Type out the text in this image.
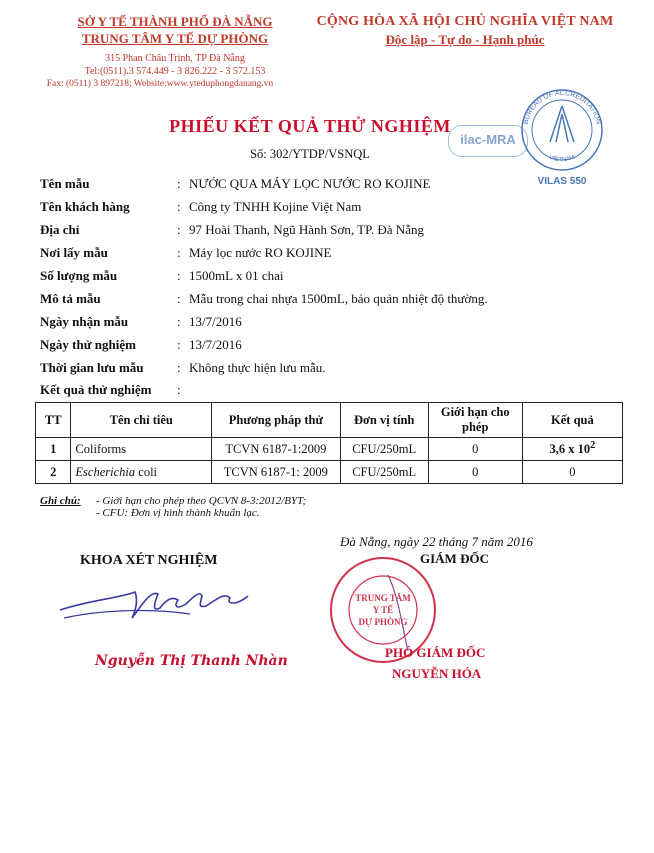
SỞ Y TẾ THÀNH PHỐ ĐÀ NẴNG
TRUNG TÂM Y TẾ DỰ PHÒNG
315 Phan Châu Trinh, TP Đà Nẵng
Tel:(0511).3 574.449 - 3 826.222 - 3 572.153
Fax: (0511) 3 897218; Website:www.yteduphongdanang.vn
CỘNG HÒA XÃ HỘI CHỦ NGHĨA VIỆT NAM
Độc lập - Tự do - Hạnh phúc
PHIẾU KẾT QUẢ THỬ NGHIỆM
Số: 302/YTDP/VSNQL
ilac-MRA
BUREAU OF ACCREDITATION
VIETNAM
VILAS 550
Tên mẫu	: NƯỚC QUA MÁY LỌC NƯỚC RO KOJINE
Tên khách hàng	: Công ty TNHH Kojine Việt Nam
Địa chỉ	: 97 Hoài Thanh, Ngũ Hành Sơn, TP. Đà Nẵng
Nơi lấy mẫu	: Máy lọc nước RO KOJINE
Số lượng mẫu	: 1500mL x 01 chai
Mô tả mẫu	: Mẫu trong chai nhựa 1500mL, bảo quản nhiệt độ thường.
Ngày nhận mẫu	: 13/7/2016
Ngày thử nghiệm	: 13/7/2016
Thời gian lưu mẫu	: Không thực hiện lưu mẫu.
Kết quả thử nghiệm :
TT	Tên chỉ tiêu	Phương pháp thử	Đơn vị tính	Giới hạn cho phép	Kết quả
1	Coliforms	TCVN 6187-1:2009	CFU/250mL	0	3,6 x $10^2$
2	Escherichia coli	TCVN 6187-1: 2009	CFU/250mL	0	0
Ghi chú: - Giới hạn cho phép theo QCVN 8-3:2012/BYT;
- CFU: Đơn vị hình thành khuẩn lạc.
KHOA XÉT NGHIỆM
Nguyễn Thị Thanh Nhàn
Đà Nẵng, ngày 22 tháng 7 năm 2016
GIÁM ĐỐC
TRUNG TÂM
Y TẾ
DỰ PHÒNG
PHÓ GIÁM ĐỐC
NGUYỄN HÓA
